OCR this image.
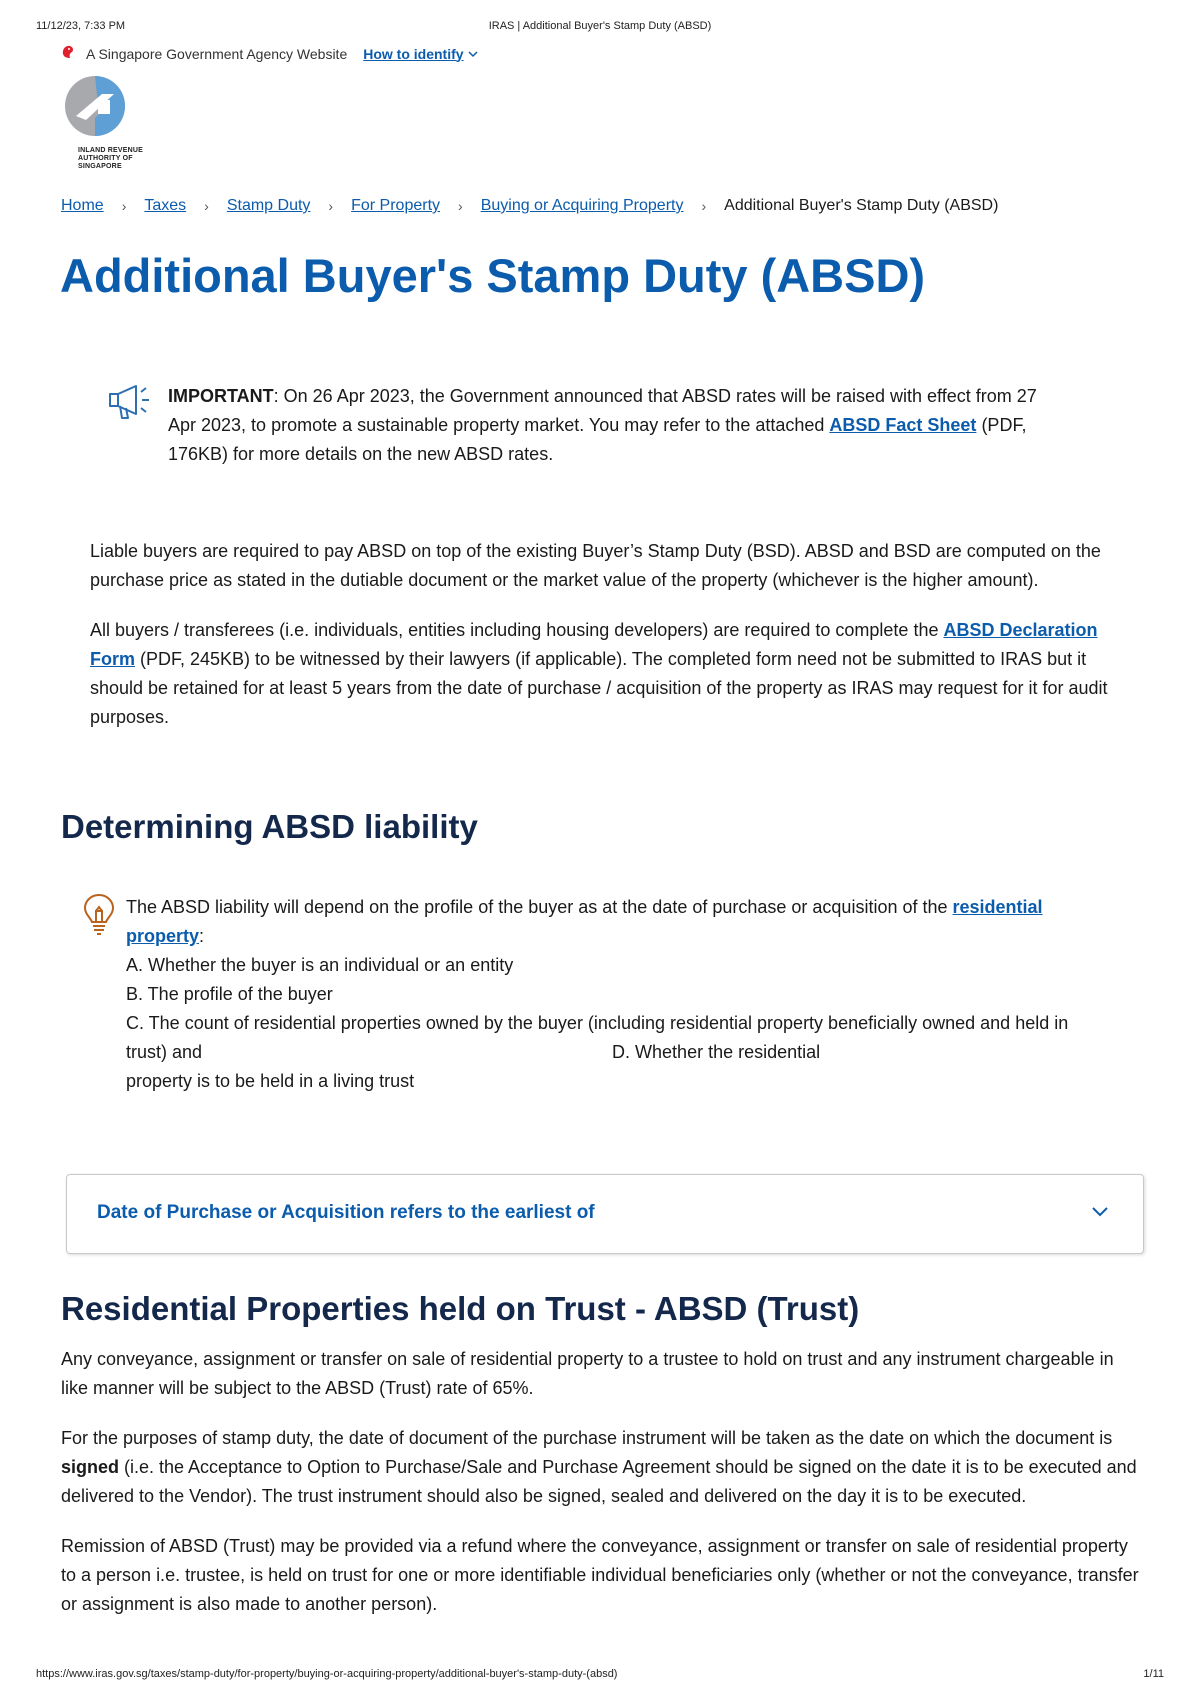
11/12/23, 7:33 PM	IRAS | Additional Buyer's Stamp Duty (ABSD)
A Singapore Government Agency Website How to identify
INLAND REVENUE AUTHORITY OF SINGAPORE
Home › Taxes › Stamp Duty › For Property › Buying or Acquiring Property › Additional Buyer's Stamp Duty (ABSD)
Additional Buyer's Stamp Duty (ABSD)
IMPORTANT: On 26 Apr 2023, the Government announced that ABSD rates will be raised with effect from 27 Apr 2023, to promote a sustainable property market. You may refer to the attached ABSD Fact Sheet (PDF, 176KB) for more details on the new ABSD rates.

Liable buyers are required to pay ABSD on top of the existing Buyer’s Stamp Duty (BSD). ABSD and BSD are computed on the purchase price as stated in the dutiable document or the market value of the property (whichever is the higher amount).

All buyers / transferees (i.e. individuals, entities including housing developers) are required to complete the ABSD Declaration Form (PDF, 245KB) to be witnessed by their lawyers (if applicable). The completed form need not be submitted to IRAS but it should be retained for at least 5 years from the date of purchase / acquisition of the property as IRAS may request for it for audit purposes.

Determining ABSD liability
The ABSD liability will depend on the profile of the buyer as at the date of purchase or acquisition of the residential property:
A. Whether the buyer is an individual or an entity
B. The profile of the buyer
C. The count of residential properties owned by the buyer (including residential property beneficially owned and held in trust) and	D. Whether the residential
property is to be held in a living trust
Date of Purchase or Acquisition refers to the earliest of
Residential Properties held on Trust - ABSD (Trust)

Any conveyance, assignment or transfer on sale of residential property to a trustee to hold on trust and any instrument chargeable in like manner will be subject to the ABSD (Trust) rate of 65%.

For the purposes of stamp duty, the date of document of the purchase instrument will be taken as the date on which the document is signed (i.e. the Acceptance to Option to Purchase/Sale and Purchase Agreement should be signed on the date it is to be executed and delivered to the Vendor). The trust instrument should also be signed, sealed and delivered on the day it is to be executed.

Remission of ABSD (Trust) may be provided via a refund where the conveyance, assignment or transfer on sale of residential property to a person i.e. trustee, is held on trust for one or more identifiable individual beneficiaries only (whether or not the conveyance, transfer or assignment is also made to another person).

https://www.iras.gov.sg/taxes/stamp-duty/for-property/buying-or-acquiring-property/additional-buyer's-stamp-duty-(absd)	1/11
